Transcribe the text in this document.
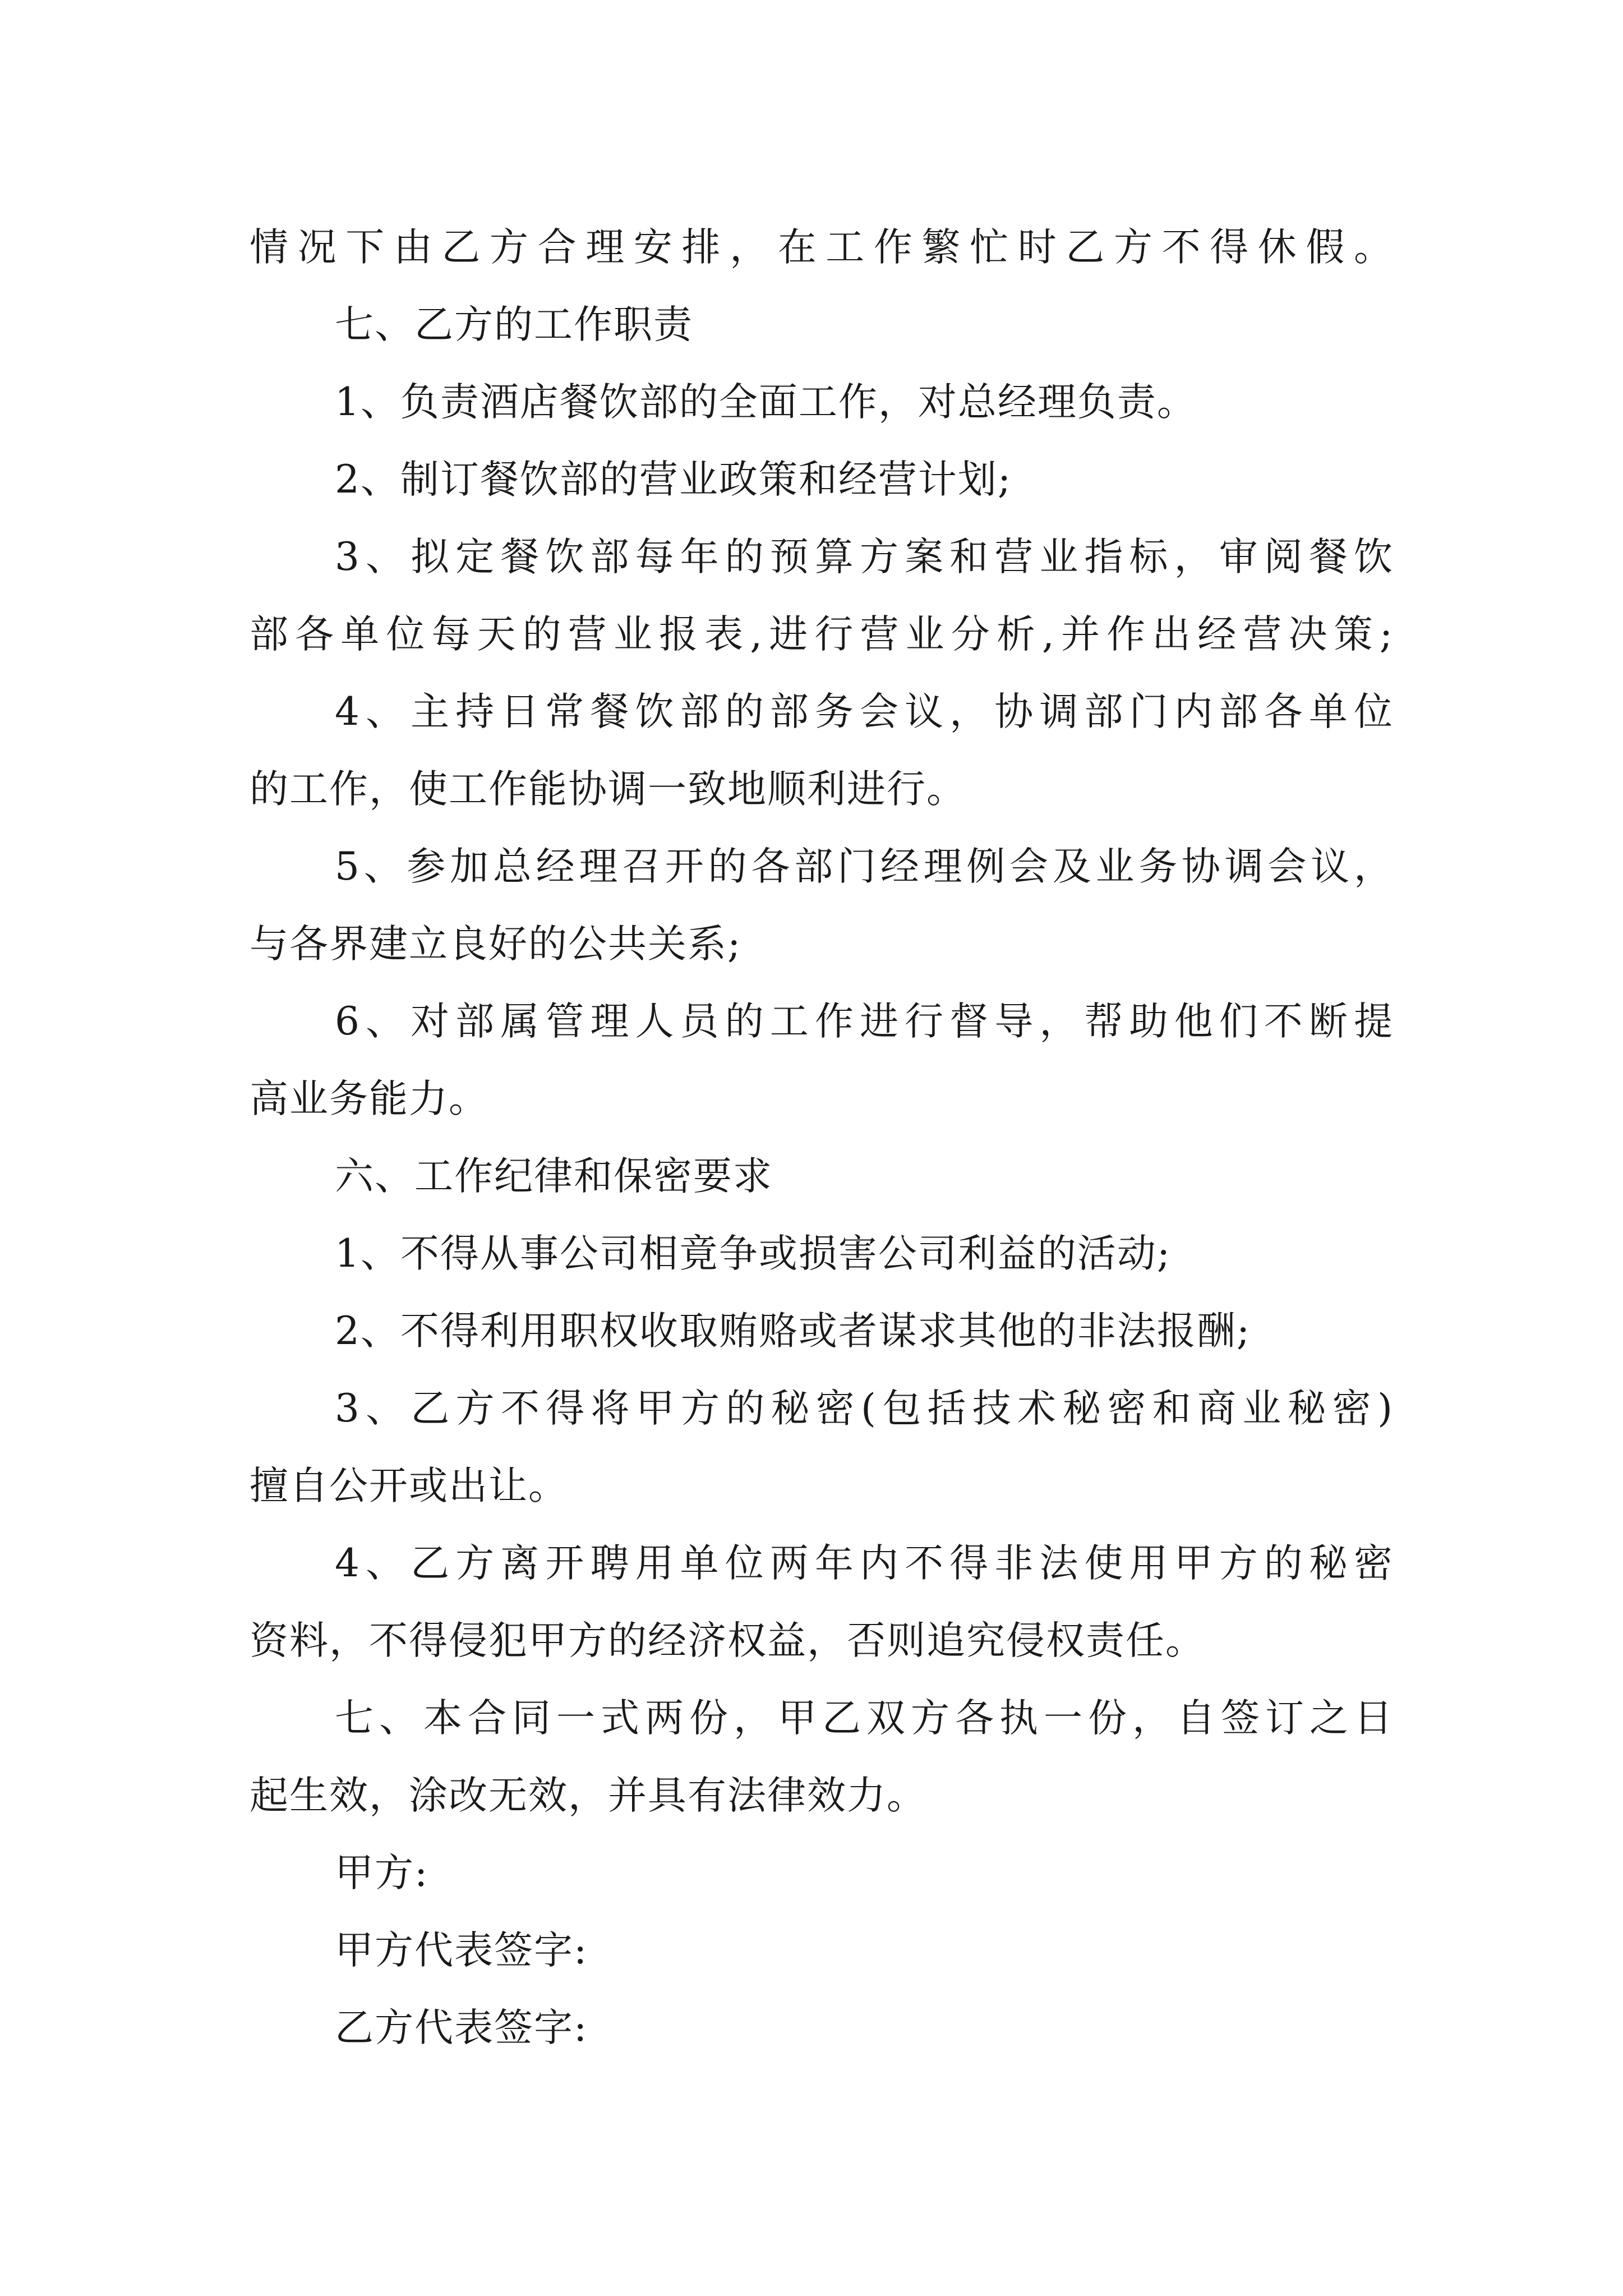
情况下由乙方合理安排，在工作繁忙时乙方不得休假。
七、乙方的工作职责
1、负责酒店餐饮部的全面工作，对总经理负责。
2、制订餐饮部的营业政策和经营计划;
3、拟定餐饮部每年的预算方案和营业指标，审阅餐饮
部各单位每天的营业报表,进行营业分析,并作出经营决策;
4、主持日常餐饮部的部务会议，协调部门内部各单位
的工作，使工作能协调一致地顺利进行。
5、参加总经理召开的各部门经理例会及业务协调会议，
与各界建立良好的公共关系;
6、对部属管理人员的工作进行督导，帮助他们不断提
高业务能力。
六、工作纪律和保密要求
1、不得从事公司相竟争或损害公司利益的活动;
2、不得利用职权收取贿赂或者谋求其他的非法报酬;
3、乙方不得将甲方的秘密(包括技术秘密和商业秘密)
擅自公开或出让。
4、乙方离开聘用单位两年内不得非法使用甲方的秘密
资料，不得侵犯甲方的经济权益，否则追究侵权责任。
七、本合同一式两份，甲乙双方各执一份，自签订之日
起生效，涂改无效，并具有法律效力。
甲方:
甲方代表签字:
乙方代表签字:
